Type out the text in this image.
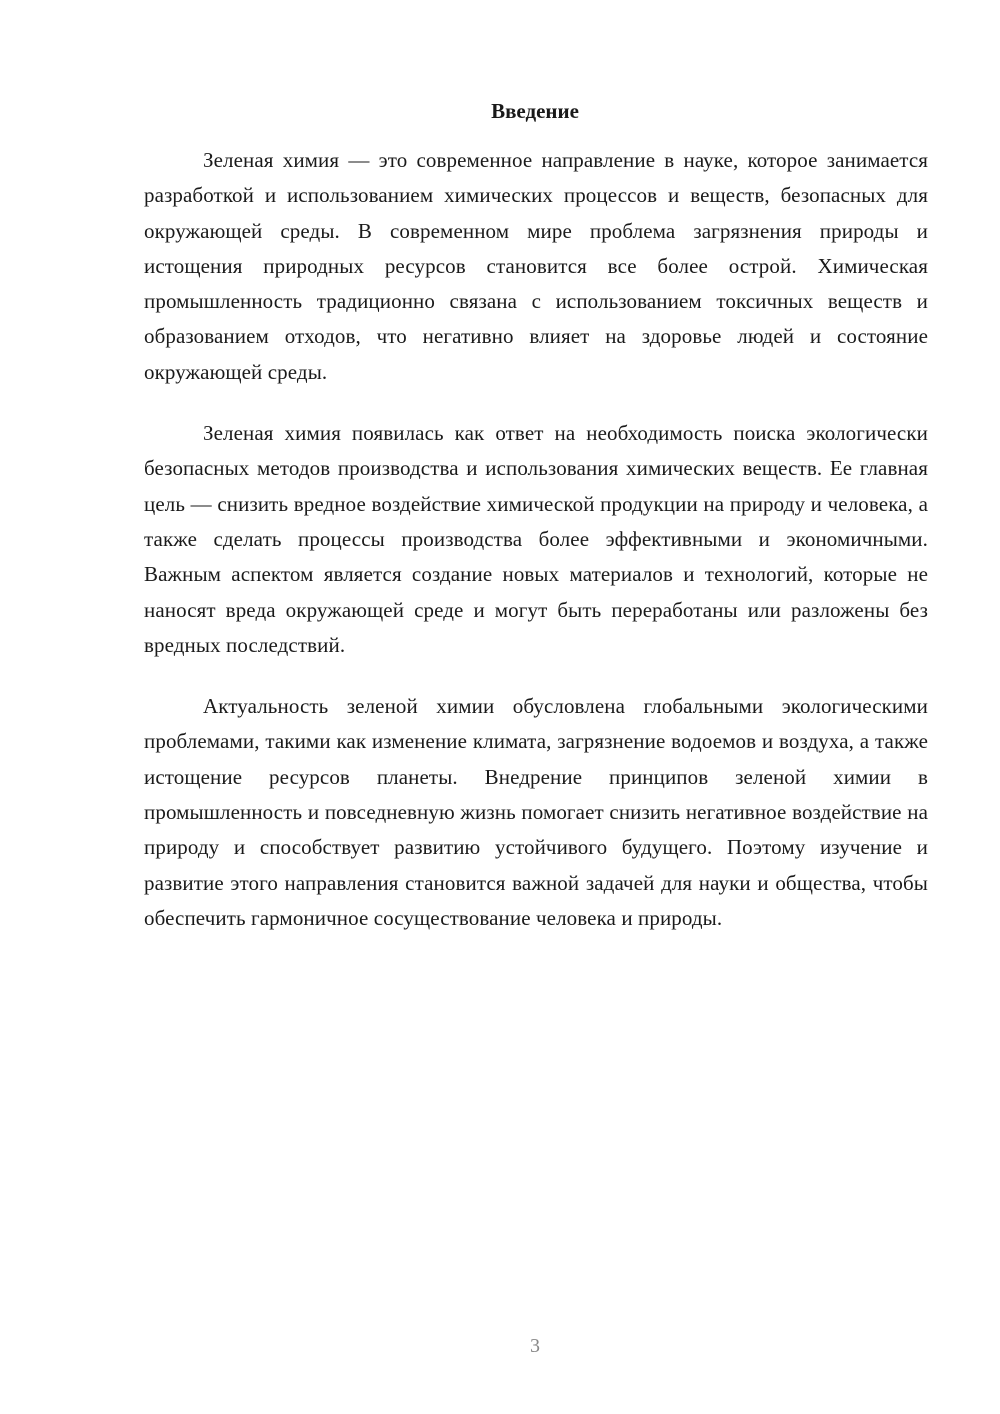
Введение

Зеленая химия — это современное направление в науке, которое занимается разработкой и использованием химических процессов и веществ, безопасных для окружающей среды. В современном мире проблема загрязнения природы и истощения природных ресурсов становится все более острой. Химическая промышленность традиционно связана с использованием токсичных веществ и образованием отходов, что негативно влияет на здоровье людей и состояние окружающей среды.

Зеленая химия появилась как ответ на необходимость поиска экологически безопасных методов производства и использования химических веществ. Ее главная цель — снизить вредное воздействие химической продукции на природу и человека, а также сделать процессы производства более эффективными и экономичными. Важным аспектом является создание новых материалов и технологий, которые не наносят вреда окружающей среде и могут быть переработаны или разложены без вредных последствий.

Актуальность зеленой химии обусловлена глобальными экологическими проблемами, такими как изменение климата, загрязнение водоемов и воздуха, а также истощение ресурсов планеты. Внедрение принципов зеленой химии в промышленность и повседневную жизнь помогает снизить негативное воздействие на природу и способствует развитию устойчивого будущего. Поэтому изучение и развитие этого направления становится важной задачей для науки и общества, чтобы обеспечить гармоничное сосуществование человека и природы.

3
